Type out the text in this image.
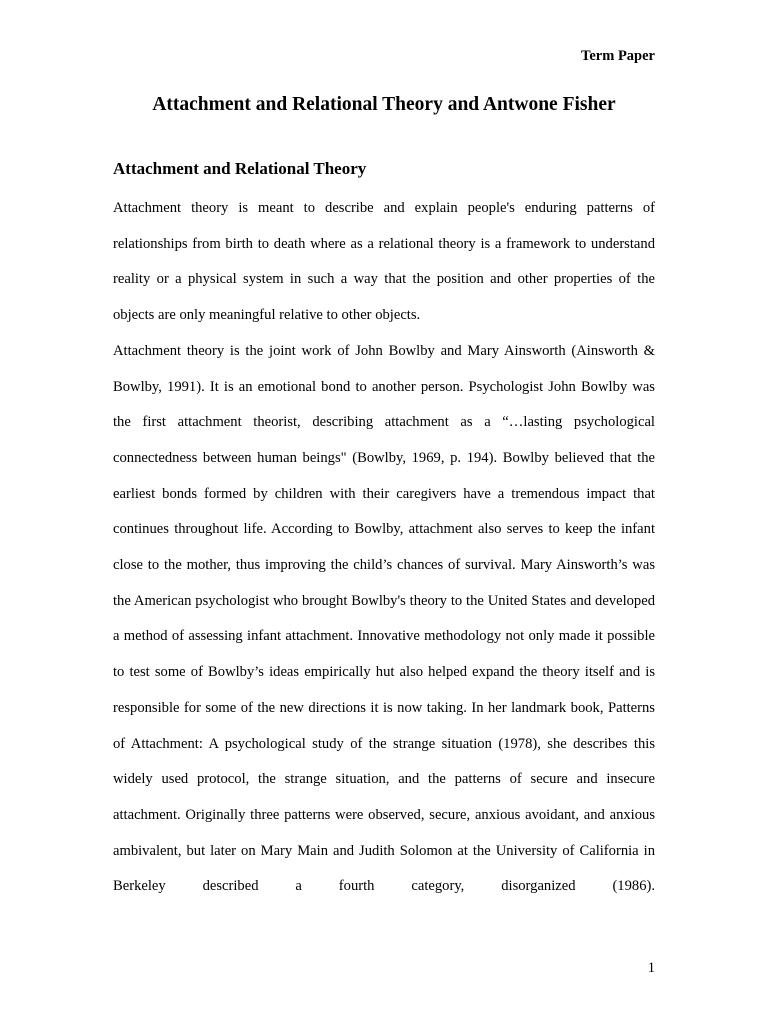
Term Paper
Attachment and Relational Theory and Antwone Fisher
Attachment and Relational Theory

Attachment theory is meant to describe and explain people's enduring patterns of relationships from birth to death where as a relational theory is a framework to understand reality or a physical system in such a way that the position and other properties of the objects are only meaningful relative to other objects.

Attachment theory is the joint work of John Bowlby and Mary Ainsworth (Ainsworth & Bowlby, 1991). It is an emotional bond to another person. Psychologist John Bowlby was the first attachment theorist, describing attachment as a “…lasting psychological connectedness between human beings" (Bowlby, 1969, p. 194). Bowlby believed that the earliest bonds formed by children with their caregivers have a tremendous impact that continues throughout life. According to Bowlby, attachment also serves to keep the infant close to the mother, thus improving the child’s chances of survival. Mary Ainsworth’s was the American psychologist who brought Bowlby's theory to the United States and developed a method of assessing infant attachment. Innovative methodology not only made it possible to test some of Bowlby’s ideas empirically hut also helped expand the theory itself and is responsible for some of the new directions it is now taking. In her landmark book, Patterns of Attachment: A psychological study of the strange situation (1978), she describes this widely used protocol, the strange situation, and the patterns of secure and insecure attachment. Originally three patterns were observed, secure, anxious avoidant, and anxious ambivalent, but later on Mary Main and Judith Solomon at the University of California in Berkeley described a fourth category, disorganized (1986).

1
